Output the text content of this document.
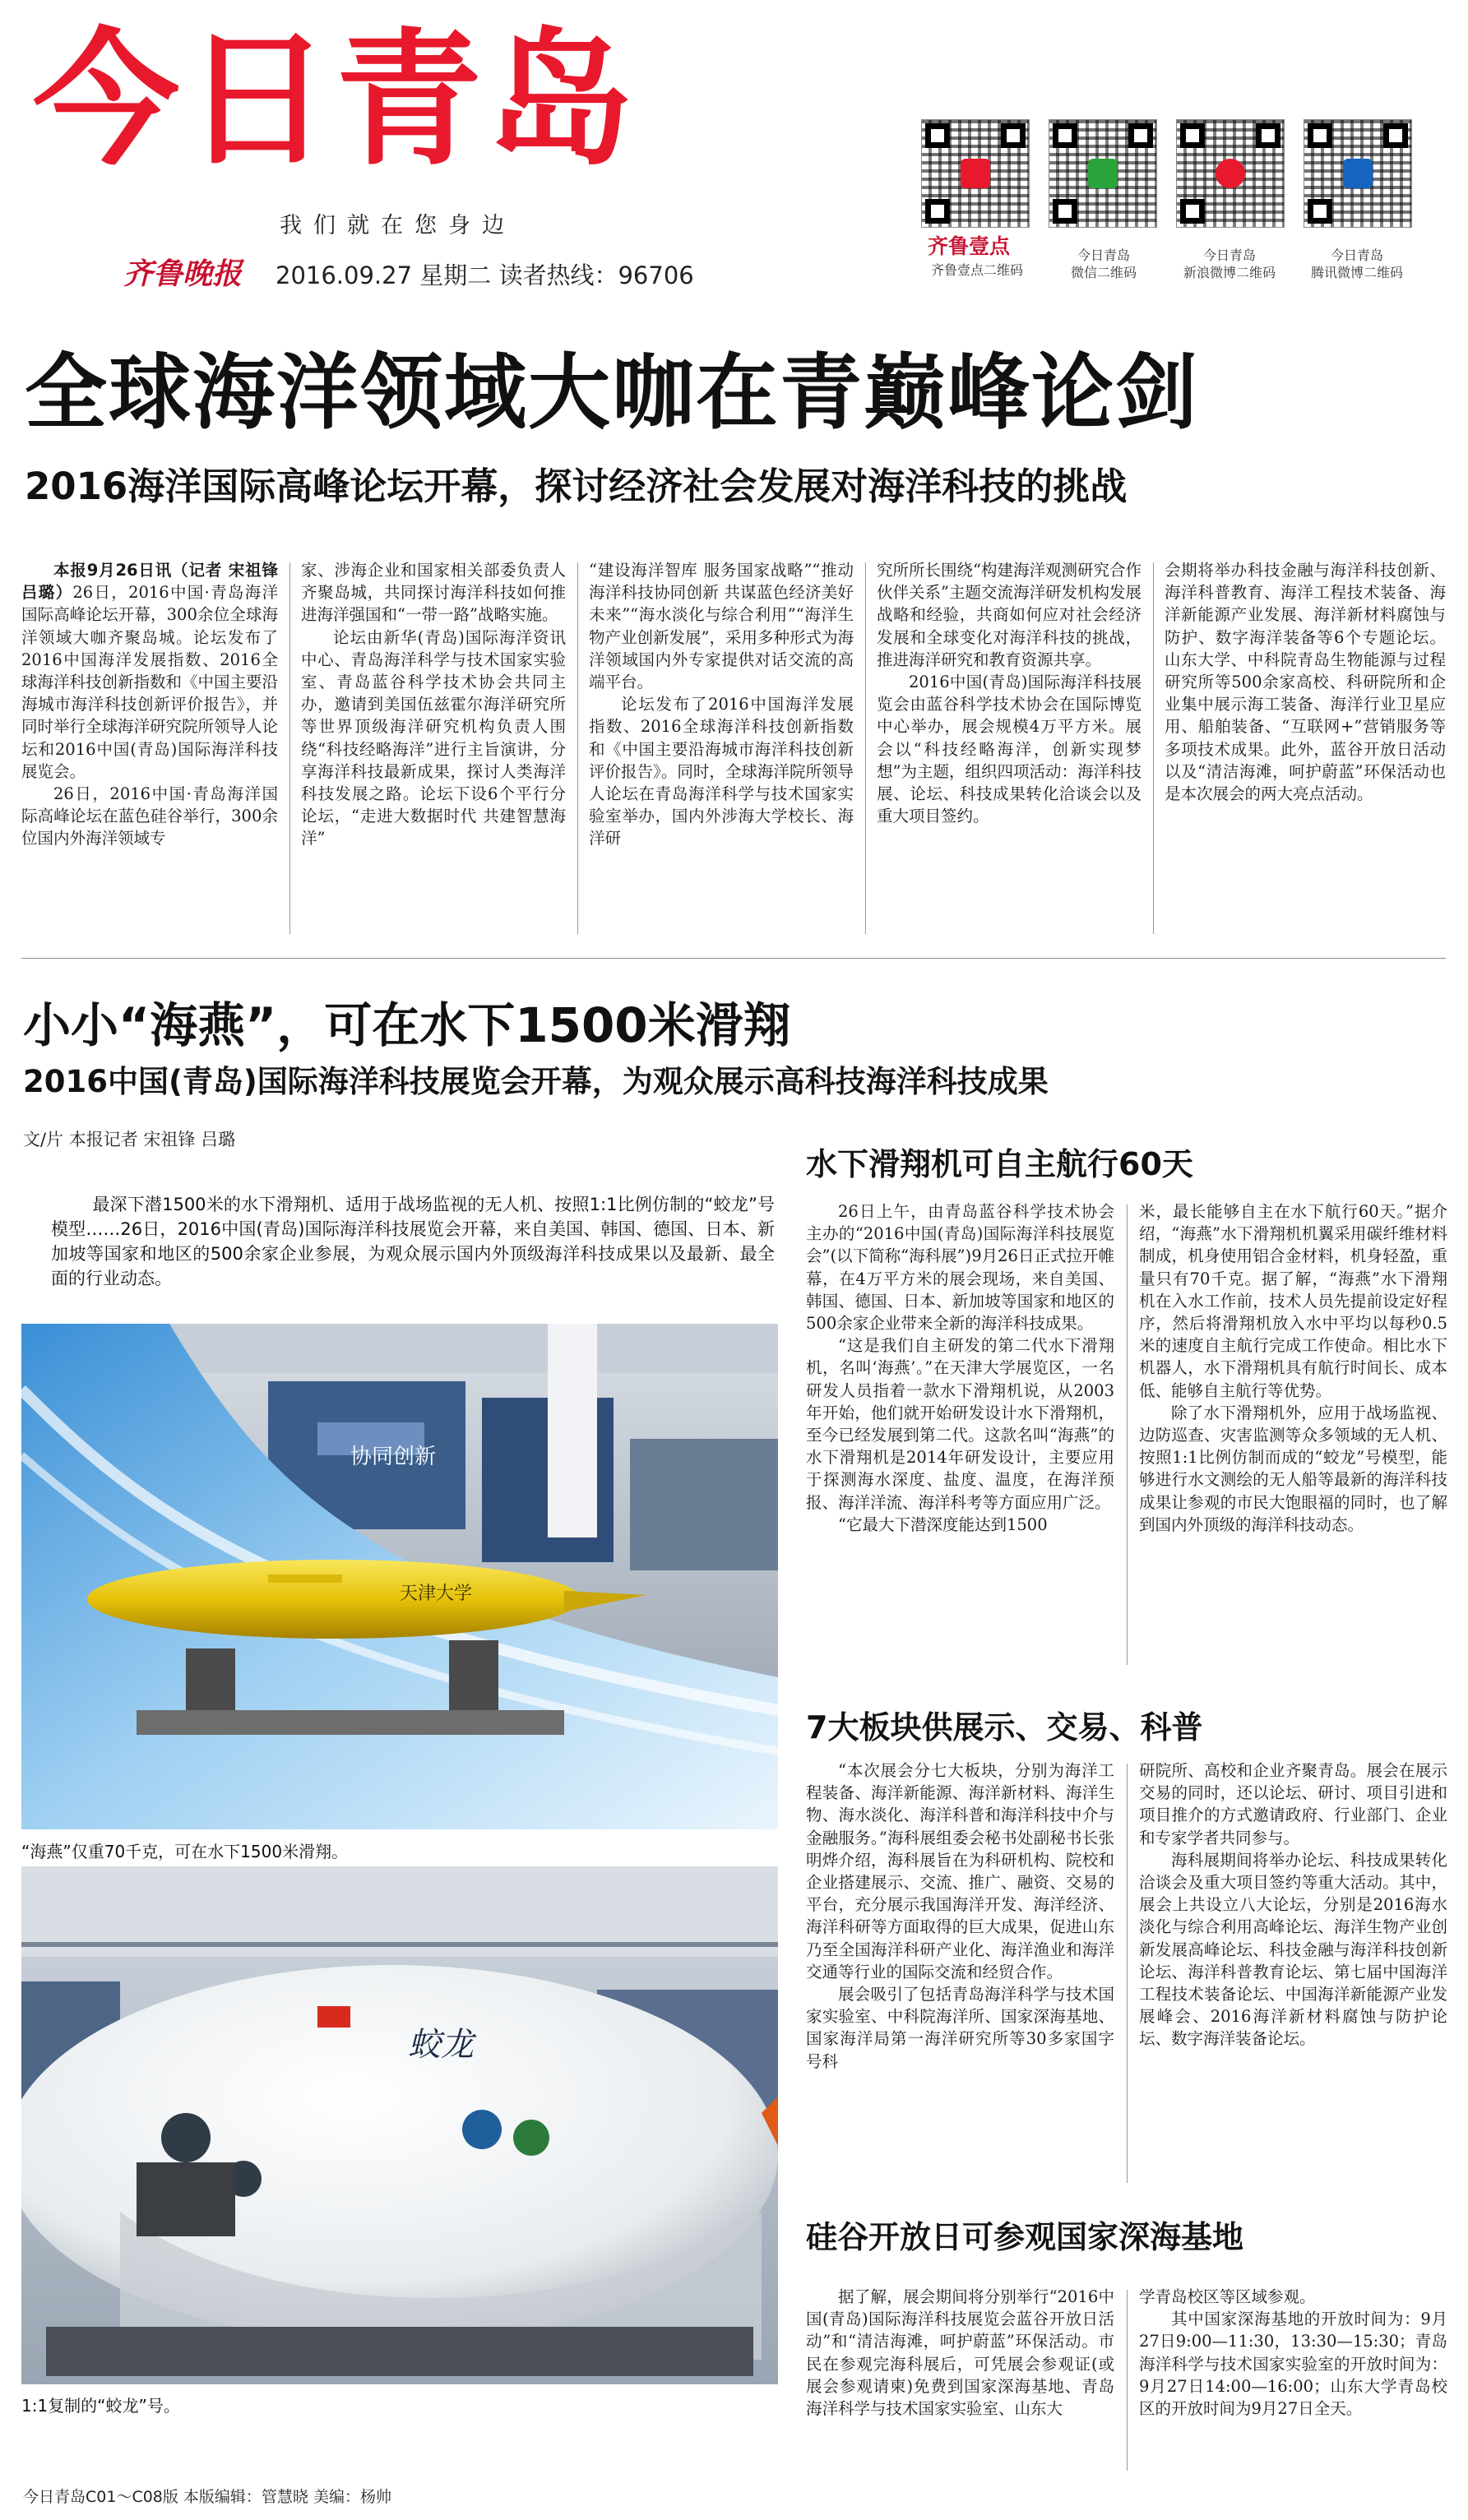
今日青岛
我们就在您身边
齐鲁晚报 2016.09.27 星期二 读者热线：96706
齐鲁壹点
齐鲁壹点二维码
今日青岛
微信二维码
今日青岛
新浪微博二维码
今日青岛
腾讯微博二维码
全球海洋领域大咖在青巅峰论剑
2016海洋国际高峰论坛开幕，探讨经济社会发展对海洋科技的挑战

本报9月26日讯（记者 宋祖锋 吕璐）26日，2016中国·青岛海洋国际高峰论坛开幕，300余位全球海洋领域大咖齐聚岛城。论坛发布了2016中国海洋发展指数、2016全球海洋科技创新指数和《中国主要沿海城市海洋科技创新评价报告》，并同时举行全球海洋研究院所领导人论坛和2016中国(青岛)国际海洋科技展览会。

26日，2016中国·青岛海洋国际高峰论坛在蓝色硅谷举行，300余位国内外海洋领域专

家、涉海企业和国家相关部委负责人齐聚岛城，共同探讨海洋科技如何推进海洋强国和“一带一路”战略实施。

论坛由新华(青岛)国际海洋资讯中心、青岛海洋科学与技术国家实验室、青岛蓝谷科学技术协会共同主办，邀请到美国伍兹霍尔海洋研究所等世界顶级海洋研究机构负责人围绕“科技经略海洋”进行主旨演讲，分享海洋科技最新成果，探讨人类海洋科技发展之路。论坛下设6个平行分论坛，“走进大数据时代 共建智慧海洋”

“建设海洋智库 服务国家战略”“推动海洋科技协同创新 共谋蓝色经济美好未来”“海水淡化与综合利用”“海洋生物产业创新发展”，采用多种形式为海洋领域国内外专家提供对话交流的高端平台。

论坛发布了2016中国海洋发展指数、2016全球海洋科技创新指数和《中国主要沿海城市海洋科技创新评价报告》。同时，全球海洋院所领导人论坛在青岛海洋科学与技术国家实验室举办，国内外涉海大学校长、海洋研

究所所长围绕“构建海洋观测研究合作伙伴关系”主题交流海洋研发机构发展战略和经验，共商如何应对社会经济发展和全球变化对海洋科技的挑战，推进海洋研究和教育资源共享。

2016中国(青岛)国际海洋科技展览会由蓝谷科学技术协会在国际博览中心举办，展会规模4万平方米。展会以“科技经略海洋，创新实现梦想”为主题，组织四项活动：海洋科技展、论坛、科技成果转化洽谈会以及重大项目签约。

会期将举办科技金融与海洋科技创新、海洋科普教育、海洋工程技术装备、海洋新能源产业发展、海洋新材料腐蚀与防护、数字海洋装备等6个专题论坛。山东大学、中科院青岛生物能源与过程研究所等500余家高校、科研院所和企业集中展示海工装备、海洋行业卫星应用、船舶装备、“互联网+”营销服务等多项技术成果。此外，蓝谷开放日活动以及“清洁海滩，呵护蔚蓝”环保活动也是本次展会的两大亮点活动。

小小“海燕”，可在水下1500米滑翔
2016中国(青岛)国际海洋科技展览会开幕，为观众展示高科技海洋科技成果
文/片 本报记者 宋祖锋 吕璐

最深下潜1500米的水下滑翔机、适用于战场监视的无人机、按照1:1比例仿制的“蛟龙”号模型……26日，2016中国(青岛)国际海洋科技展览会开幕，来自美国、韩国、德国、日本、新加坡等国家和地区的500余家企业参展，为观众展示国内外顶级海洋科技成果以及最新、最全面的行业动态。

天津大学
协同创新
“海燕”仅重70千克，可在水下1500米滑翔。
蛟龙
1:1复制的“蛟龙”号。
水下滑翔机可自主航行60天

26日上午，由青岛蓝谷科学技术协会主办的“2016中国(青岛)国际海洋科技展览会”(以下简称“海科展”)9月26日正式拉开帷幕，在4万平方米的展会现场，来自美国、韩国、德国、日本、新加坡等国家和地区的500余家企业带来全新的海洋科技成果。

“这是我们自主研发的第二代水下滑翔机，名叫‘海燕’。”在天津大学展览区，一名研发人员指着一款水下滑翔机说，从2003年开始，他们就开始研发设计水下滑翔机，至今已经发展到第二代。这款名叫“海燕”的水下滑翔机是2014年研发设计，主要应用于探测海水深度、盐度、温度，在海洋预报、海洋洋流、海洋科考等方面应用广泛。

“它最大下潜深度能达到1500

米，最长能够自主在水下航行60天。”据介绍，“海燕”水下滑翔机机翼采用碳纤维材料制成，机身使用铝合金材料，机身轻盈，重量只有70千克。据了解，“海燕”水下滑翔机在入水工作前，技术人员先提前设定好程序，然后将滑翔机放入水中平均以每秒0.5米的速度自主航行完成工作使命。相比水下机器人，水下滑翔机具有航行时间长、成本低、能够自主航行等优势。

除了水下滑翔机外，应用于战场监视、边防巡查、灾害监测等众多领域的无人机、按照1:1比例仿制而成的“蛟龙”号模型，能够进行水文测绘的无人船等最新的海洋科技成果让参观的市民大饱眼福的同时，也了解到国内外顶级的海洋科技动态。

7大板块供展示、交易、科普

“本次展会分七大板块，分别为海洋工程装备、海洋新能源、海洋新材料、海洋生物、海水淡化、海洋科普和海洋科技中介与金融服务。”海科展组委会秘书处副秘书长张明烨介绍，海科展旨在为科研机构、院校和企业搭建展示、交流、推广、融资、交易的平台，充分展示我国海洋开发、海洋经济、海洋科研等方面取得的巨大成果，促进山东乃至全国海洋科研产业化、海洋渔业和海洋交通等行业的国际交流和经贸合作。

展会吸引了包括青岛海洋科学与技术国家实验室、中科院海洋所、国家深海基地、国家海洋局第一海洋研究所等30多家国字号科

研院所、高校和企业齐聚青岛。展会在展示交易的同时，还以论坛、研讨、项目引进和项目推介的方式邀请政府、行业部门、企业和专家学者共同参与。

海科展期间将举办论坛、科技成果转化洽谈会及重大项目签约等重大活动。其中，展会上共设立八大论坛，分别是2016海水淡化与综合利用高峰论坛、海洋生物产业创新发展高峰论坛、科技金融与海洋科技创新论坛、海洋科普教育论坛、第七届中国海洋工程技术装备论坛、中国海洋新能源产业发展峰会、2016海洋新材料腐蚀与防护论坛、数字海洋装备论坛。

硅谷开放日可参观国家深海基地

据了解，展会期间将分别举行“2016中国(青岛)国际海洋科技展览会蓝谷开放日活动”和“清洁海滩，呵护蔚蓝”环保活动。市民在参观完海科展后，可凭展会参观证(或展会参观请柬)免费到国家深海基地、青岛海洋科学与技术国家实验室、山东大

学青岛校区等区域参观。

其中国家深海基地的开放时间为：9月27日9:00—11:30，13:30—15:30；青岛海洋科学与技术国家实验室的开放时间为：9月27日14:00—16:00；山东大学青岛校区的开放时间为9月27日全天。

今日青岛C01～C08版 本版编辑：管慧晓 美编：杨帅
